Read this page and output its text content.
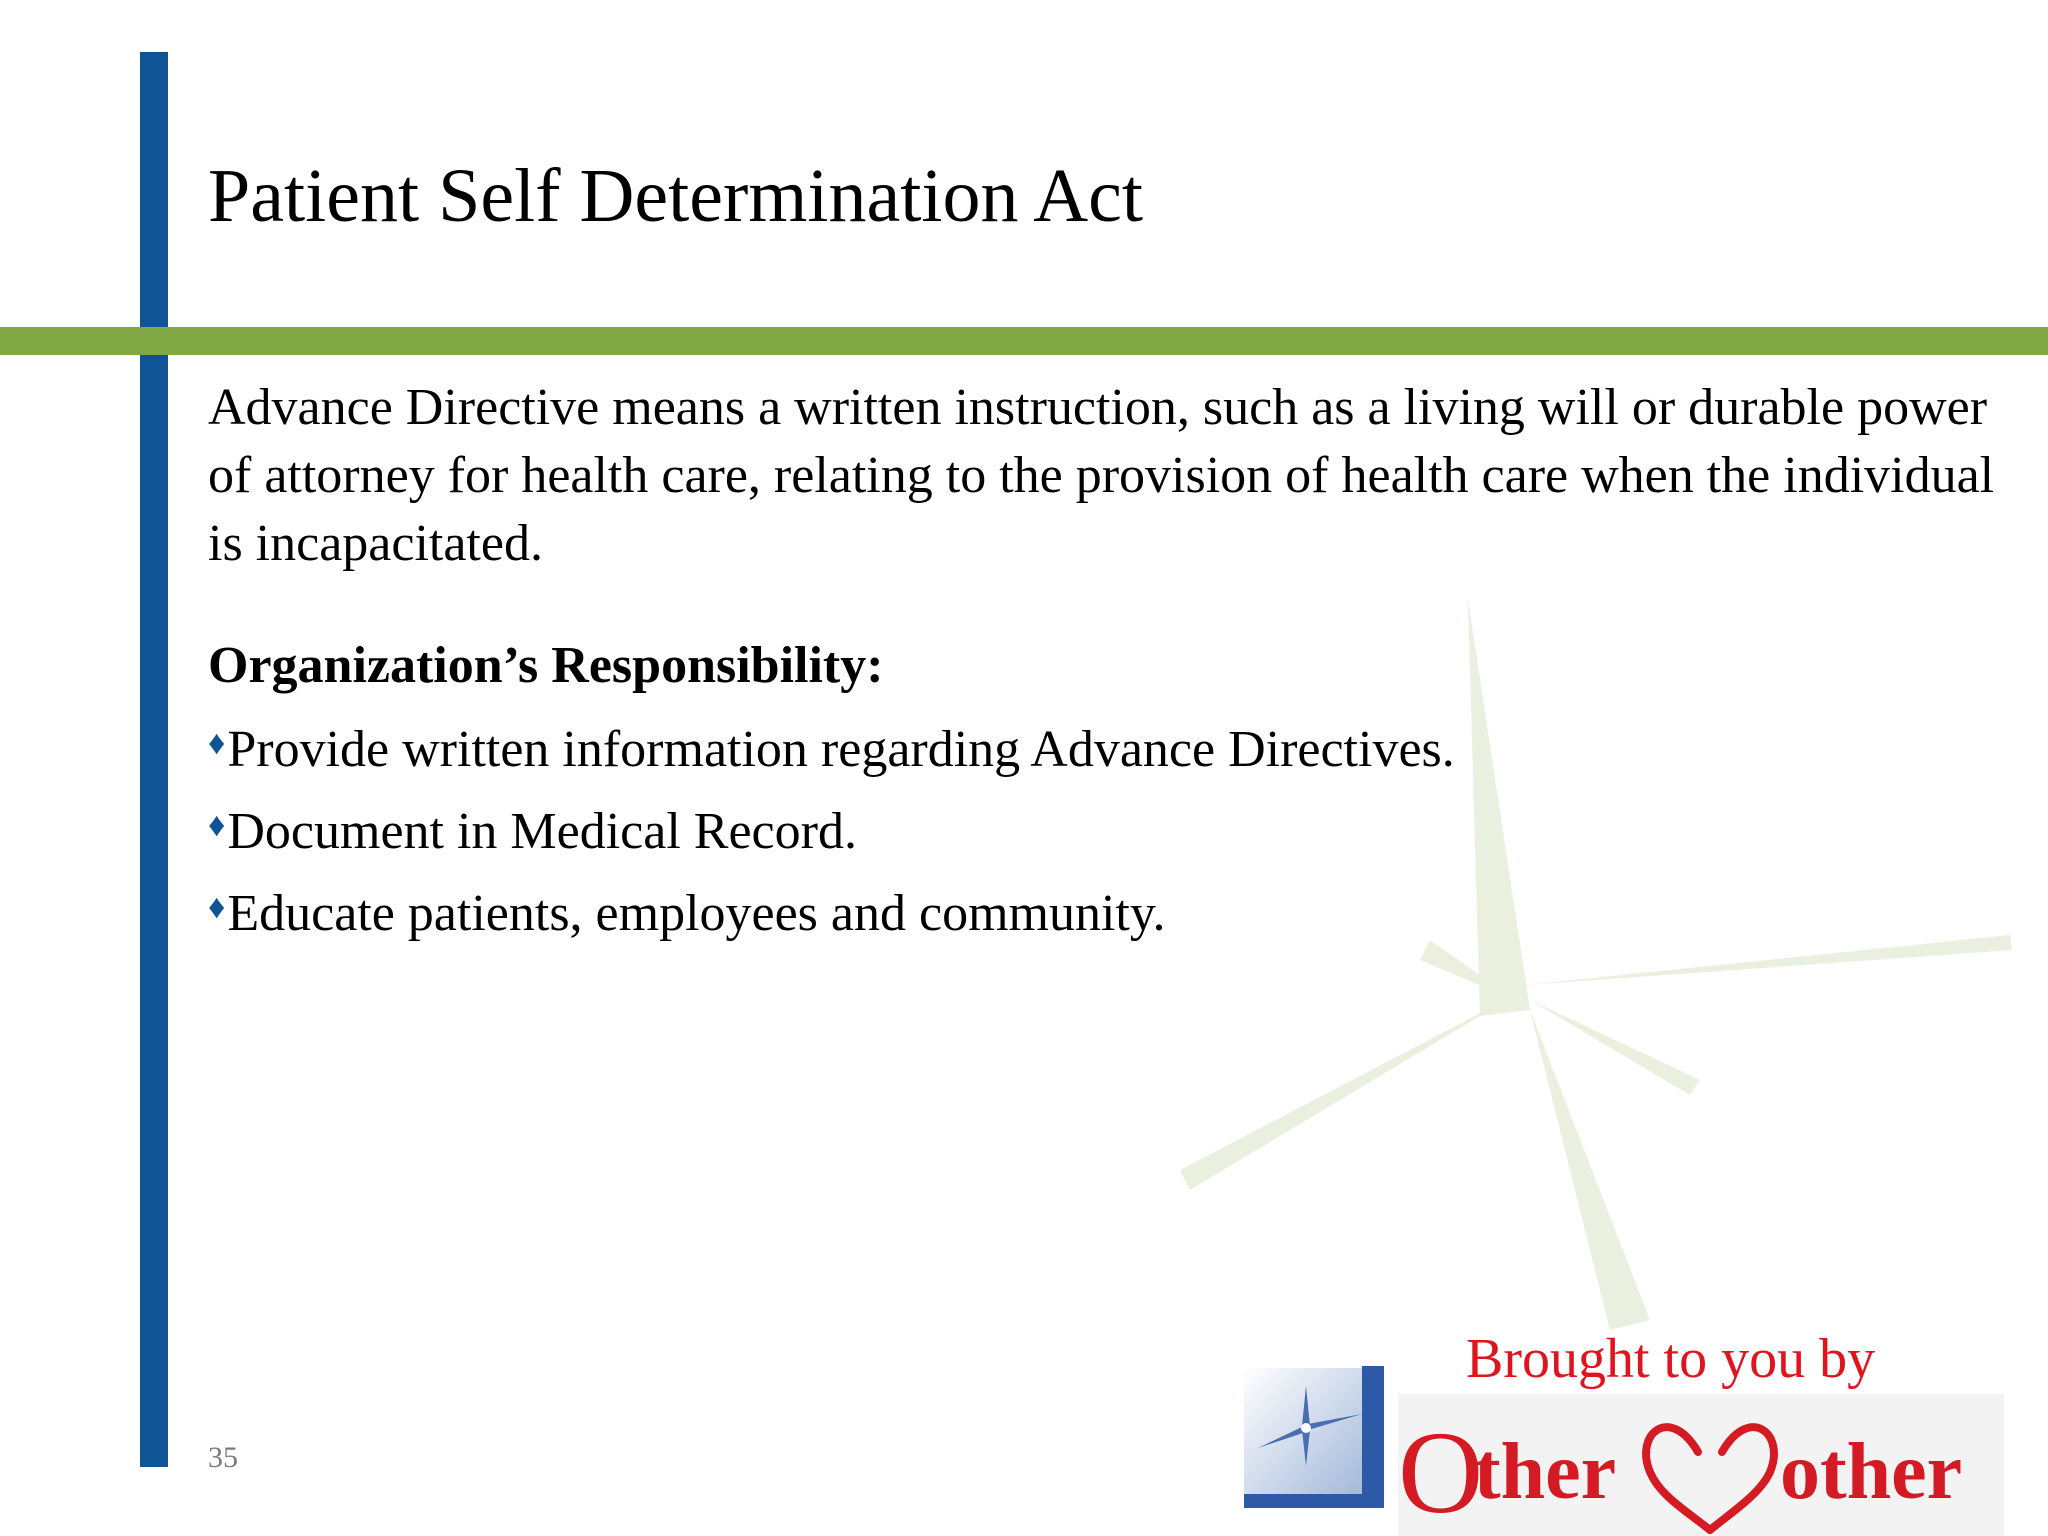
Patient Self Determination Act

Advance Directive means a written instruction, such as a living will or durable power of attorney for health care, relating to the provision of health care when the individual is incapacitated.

Organization’s Responsibility:
♦ Provide written information regarding Advance Directives.
♦ Document in Medical Record.
♦ Educate patients, employees and community.
35
Brought to you by
O
ther other
